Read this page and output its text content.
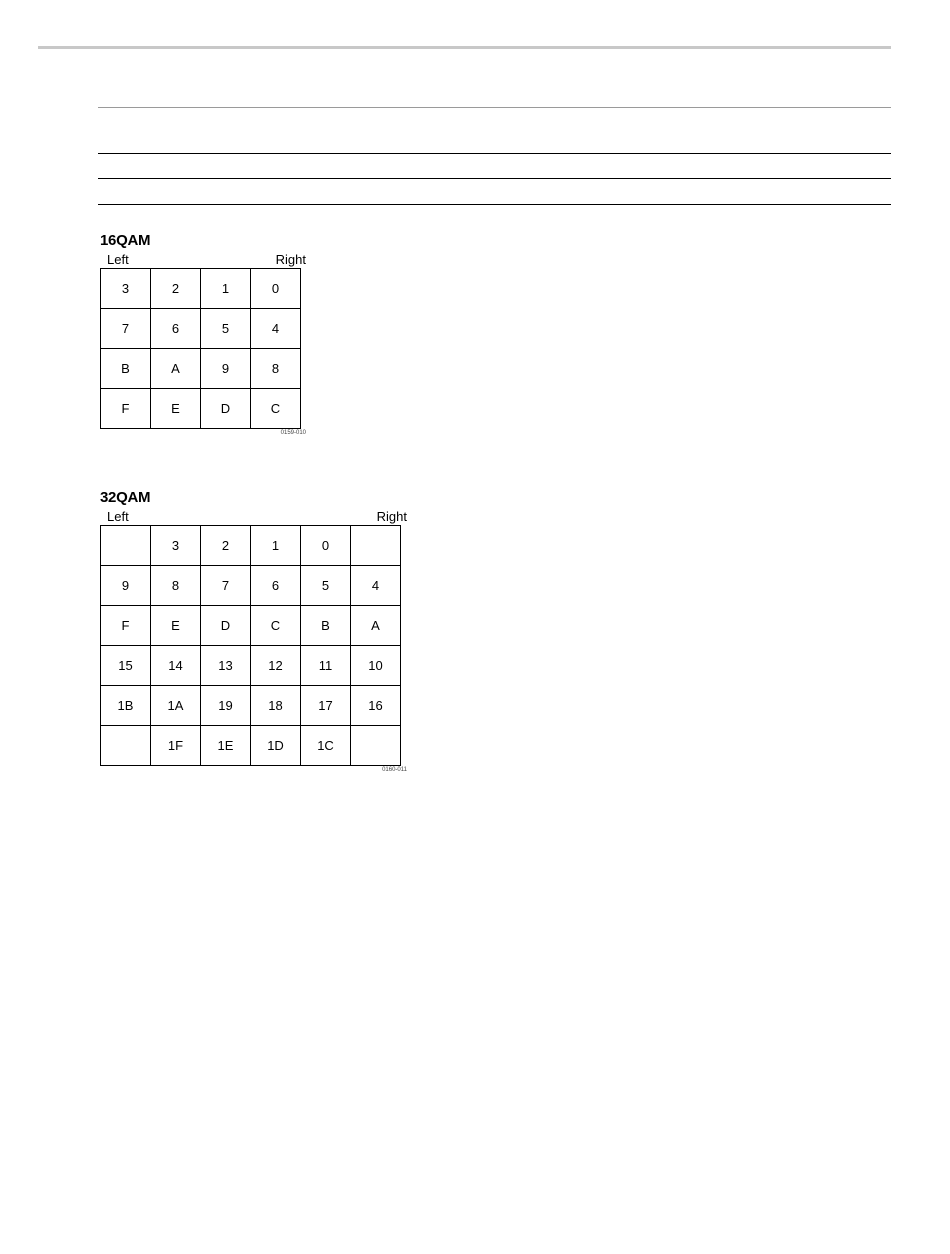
16QAM
Left	Right
3	2	1	0
7	6	5	4
B	A	9	8
F	E	D	C
0159-010
32QAM
Left	Right
	3	2	1	0	
9	8	7	6	5	4
F	E	D	C	B	A
15	14	13	12	11	10
1B	1A	19	18	17	16
	1F	1E	1D	1C	
0160-011
